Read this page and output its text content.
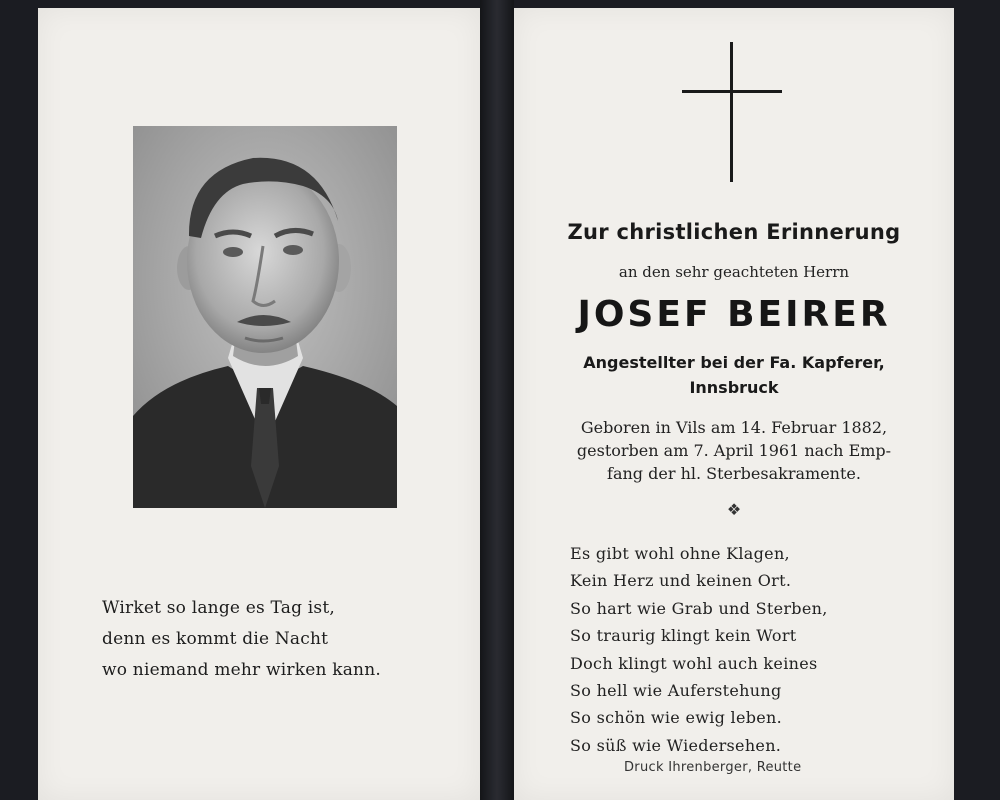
Wirket so lange es Tag ist,
denn es kommt die Nacht
wo niemand mehr wirken kann.
Zur christlichen Erinnerung
an den sehr geachteten Herrn
JOSEF BEIRER
Angestellter bei der Fa. Kapferer,
Innsbruck
Geboren in Vils am 14. Februar 1882,
gestorben am 7. April 1961 nach Emp-
fang der hl. Sterbesakramente.
❖
Es gibt wohl ohne Klagen,
Kein Herz und keinen Ort.
So hart wie Grab und Sterben,
So traurig klingt kein Wort
Doch klingt wohl auch keines
So hell wie Auferstehung
So schön wie ewig leben.
So süß wie Wiedersehen.
Druck Ihrenberger, Reutte
